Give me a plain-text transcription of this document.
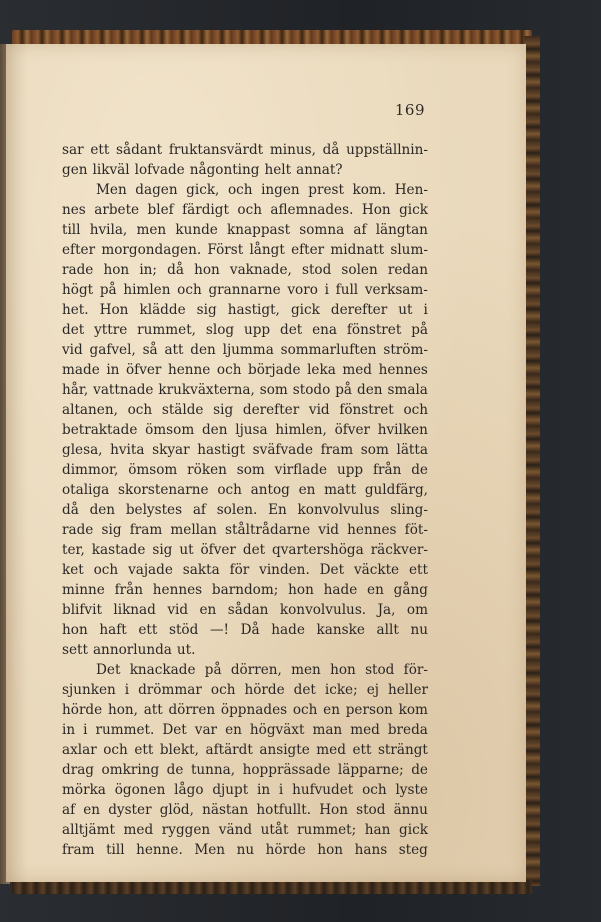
169
sar ett sådant fruktansvärdt minus, då uppställnin-
gen likväl lofvade någonting helt annat?
Men dagen gick, och ingen prest kom. Hen-
nes arbete blef färdigt och aflemnades. Hon gick
till hvila, men kunde knappast somna af längtan
efter morgondagen. Först långt efter midnatt slum-
rade hon in; då hon vaknade, stod solen redan
högt på himlen och grannarne voro i full verksam-
het. Hon klädde sig hastigt, gick derefter ut i
det yttre rummet, slog upp det ena fönstret på
vid gafvel, så att den ljumma sommarluften ström-
made in öfver henne och började leka med hennes
hår, vattnade krukväxterna, som stodo på den smala
altanen, och stälde sig derefter vid fönstret och
betraktade ömsom den ljusa himlen, öfver hvilken
glesa, hvita skyar hastigt sväfvade fram som lätta
dimmor, ömsom röken som virflade upp från de
otaliga skorstenarne och antog en matt guldfärg,
då den belystes af solen. En konvolvulus sling-
rade sig fram mellan ståltrådarne vid hennes föt-
ter, kastade sig ut öfver det qvartershöga räckver-
ket och vajade sakta för vinden. Det väckte ett
minne från hennes barndom; hon hade en gång
blifvit liknad vid en sådan konvolvulus. Ja, om
hon haft ett stöd —! Då hade kanske allt nu
sett annorlunda ut.
Det knackade på dörren, men hon stod för-
sjunken i drömmar och hörde det icke; ej heller
hörde hon, att dörren öppnades och en person kom
in i rummet. Det var en högväxt man med breda
axlar och ett blekt, aftärdt ansigte med ett strängt
drag omkring de tunna, hopprässade läpparne; de
mörka ögonen lågo djupt in i hufvudet och lyste
af en dyster glöd, nästan hotfullt. Hon stod ännu
alltjämt med ryggen vänd utåt rummet; han gick
fram till henne. Men nu hörde hon hans steg
